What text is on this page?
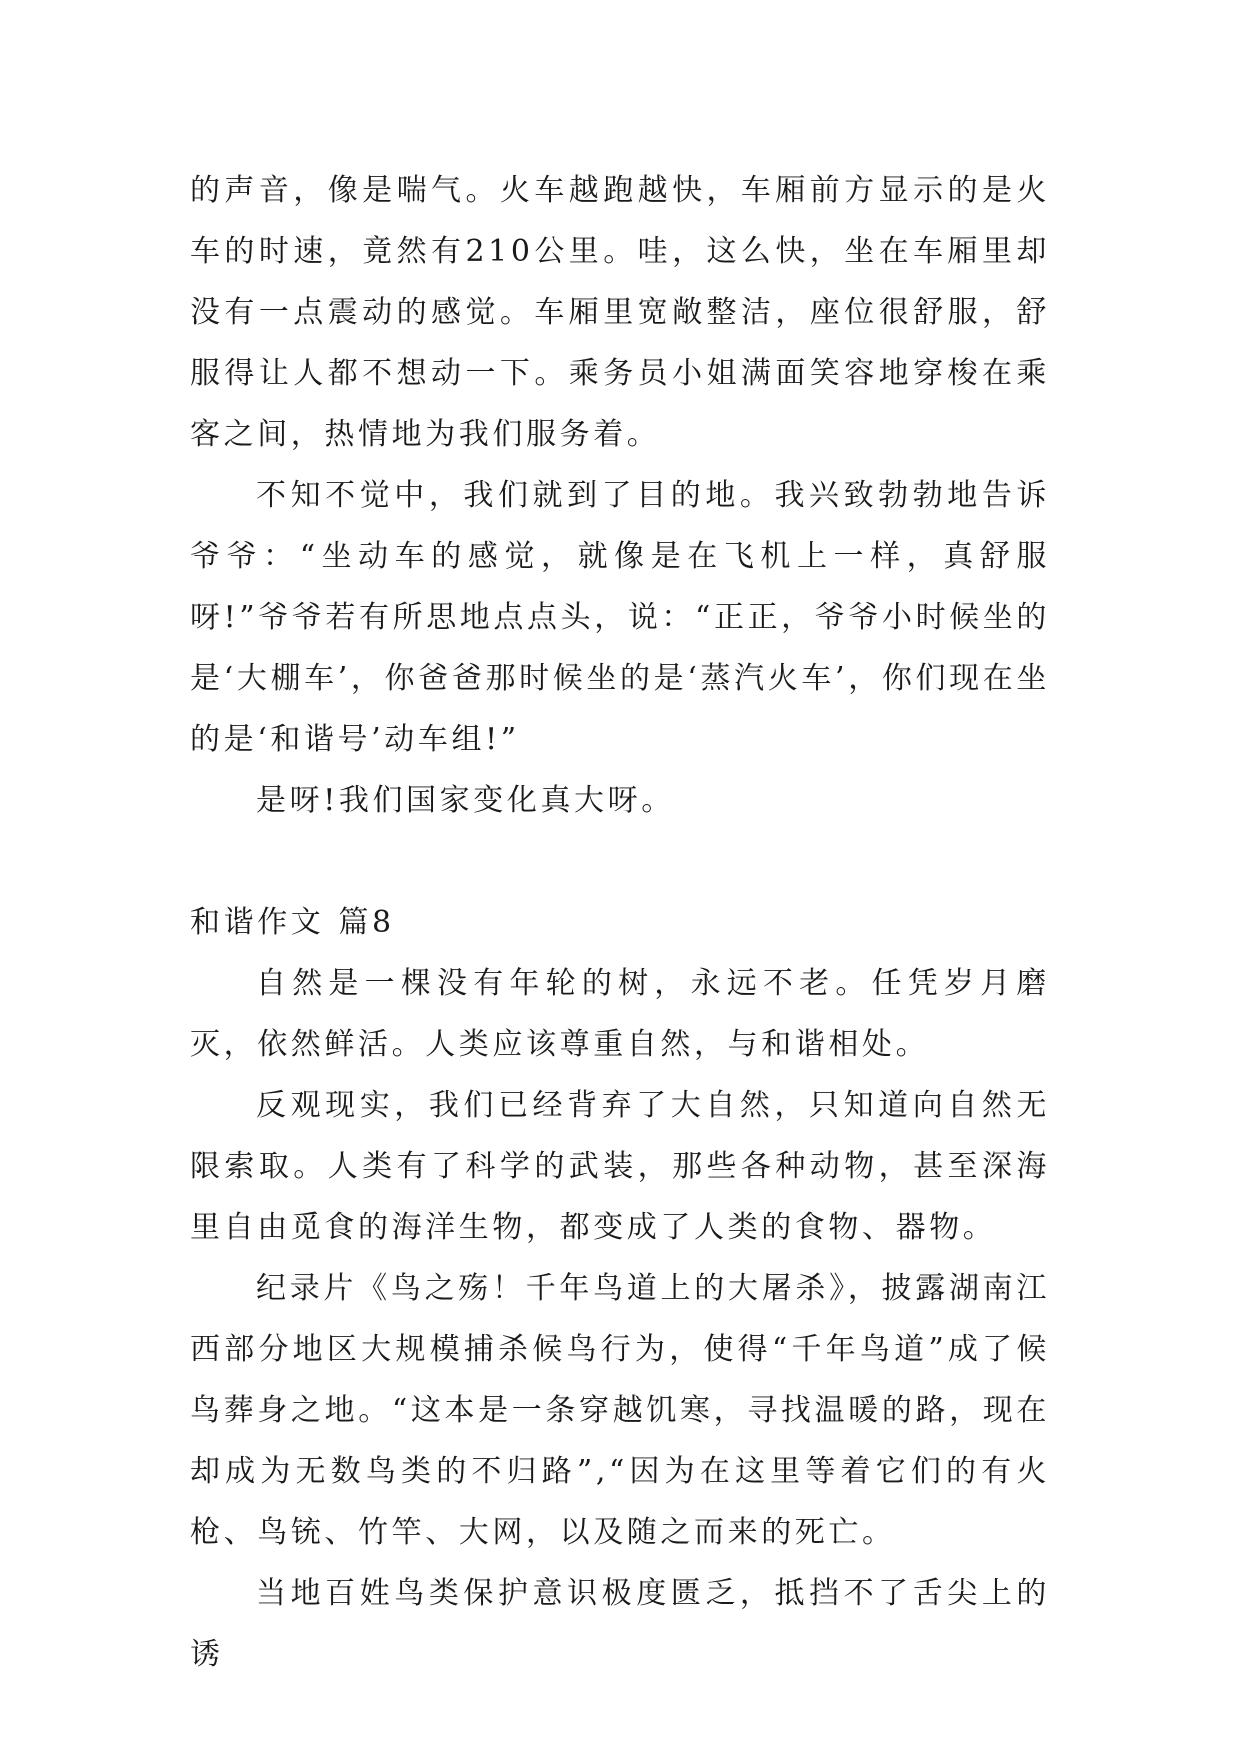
的声音，像是喘气。火车越跑越快，车厢前方显示的是火车的时速，竟然有210公里。哇，这么快，坐在车厢里却没有一点震动的感觉。车厢里宽敞整洁，座位很舒服，舒服得让人都不想动一下。乘务员小姐满面笑容地穿梭在乘客之间，热情地为我们服务着。

不知不觉中，我们就到了目的地。我兴致勃勃地告诉爷爷：“坐动车的感觉，就像是在飞机上一样，真舒服呀!”爷爷若有所思地点点头，说：“正正，爷爷小时候坐的是‘大棚车’，你爸爸那时候坐的是‘蒸汽火车’，你们现在坐的是‘和谐号’动车组!”

是呀!我们国家变化真大呀。

和谐作文 篇8

自然是一棵没有年轮的树，永远不老。任凭岁月磨灭，依然鲜活。人类应该尊重自然，与和谐相处。

反观现实，我们已经背弃了大自然，只知道向自然无限索取。人类有了科学的武装，那些各种动物，甚至深海里自由觅食的海洋生物，都变成了人类的食物、器物。

纪录片《鸟之殇！千年鸟道上的大屠杀》，披露湖南江西部分地区大规模捕杀候鸟行为，使得“千年鸟道”成了候鸟葬身之地。“这本是一条穿越饥寒，寻找温暖的路，现在却成为无数鸟类的不归路”,“因为在这里等着它们的有火枪、鸟铳、竹竿、大网，以及随之而来的死亡。

当地百姓鸟类保护意识极度匮乏，抵挡不了舌尖上的诱
